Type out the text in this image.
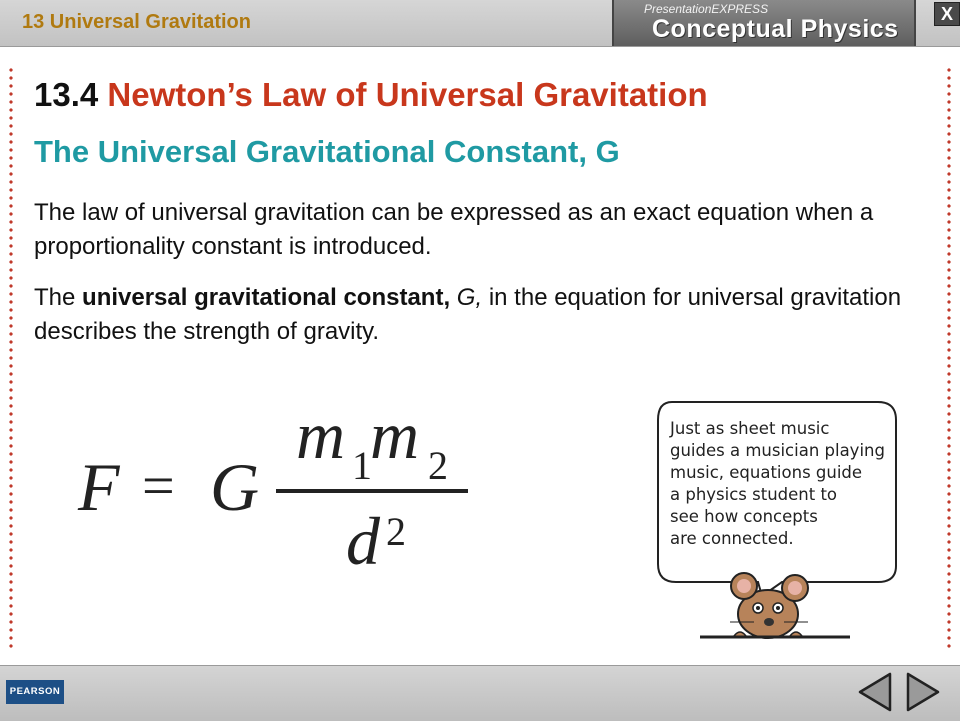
13 Universal Gravitation
PresentationEXPRESS
Conceptual Physics
X
13.4 Newton’s Law of Universal Gravitation
The Universal Gravitational Constant, G
The law of universal gravitation can be expressed as an exact equation when a proportionality constant is introduced.
The universal gravitational constant, G, in the equation for universal gravitation describes the strength of gravity.
F = G
m 1
m 2
d 2
Just as sheet music
guides a musician playing
music, equations guide
a physics student to
see how concepts
are connected.
PEARSON
